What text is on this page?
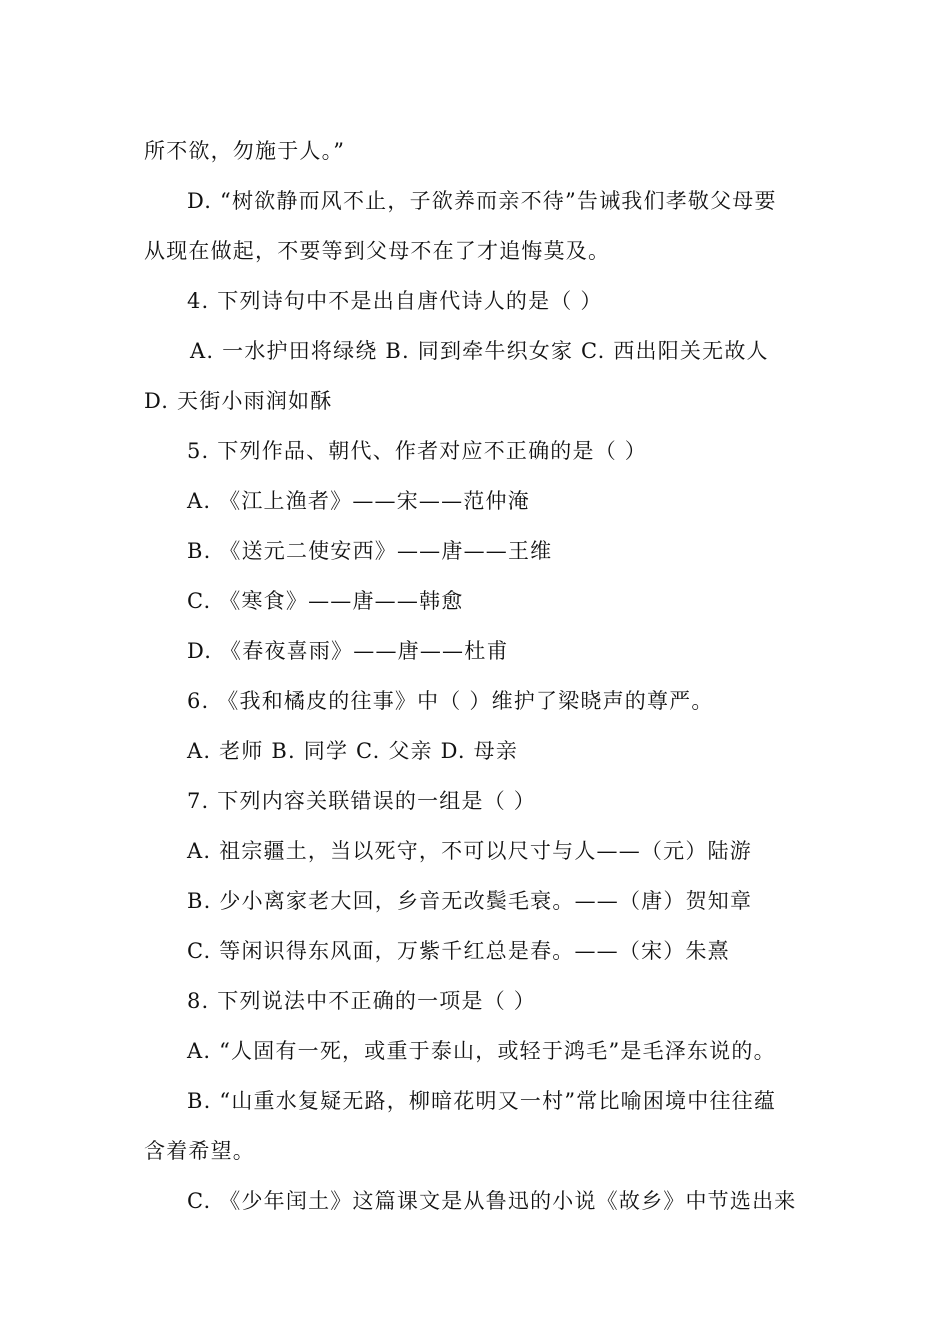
所不欲，勿施于人。”
D. “树欲静而风不止，子欲养而亲不待”告诫我们孝敬父母要
从现在做起，不要等到父母不在了才追悔莫及。
4. 下列诗句中不是出自唐代诗人的是（ ）
A. 一水护田将绿绕 B. 同到牵牛织女家 C. 西出阳关无故人
D. 天街小雨润如酥
5. 下列作品、朝代、作者对应不正确的是（ ）
A. 《江上渔者》——宋——范仲淹
B. 《送元二使安西》——唐——王维
C. 《寒食》——唐——韩愈
D. 《春夜喜雨》——唐——杜甫
6. 《我和橘皮的往事》中（ ）维护了梁晓声的尊严。
A. 老师 B. 同学 C. 父亲 D. 母亲
7. 下列内容关联错误的一组是（ ）
A. 祖宗疆土，当以死守，不可以尺寸与人——（元）陆游
B. 少小离家老大回，乡音无改鬓毛衰。——（唐）贺知章
C. 等闲识得东风面，万紫千红总是春。——（宋）朱熹
8. 下列说法中不正确的一项是（ ）
A. “人固有一死，或重于泰山，或轻于鸿毛”是毛泽东说的。
B. “山重水复疑无路，柳暗花明又一村”常比喻困境中往往蕴
含着希望。
C. 《少年闰土》这篇课文是从鲁迅的小说《故乡》中节选出来
